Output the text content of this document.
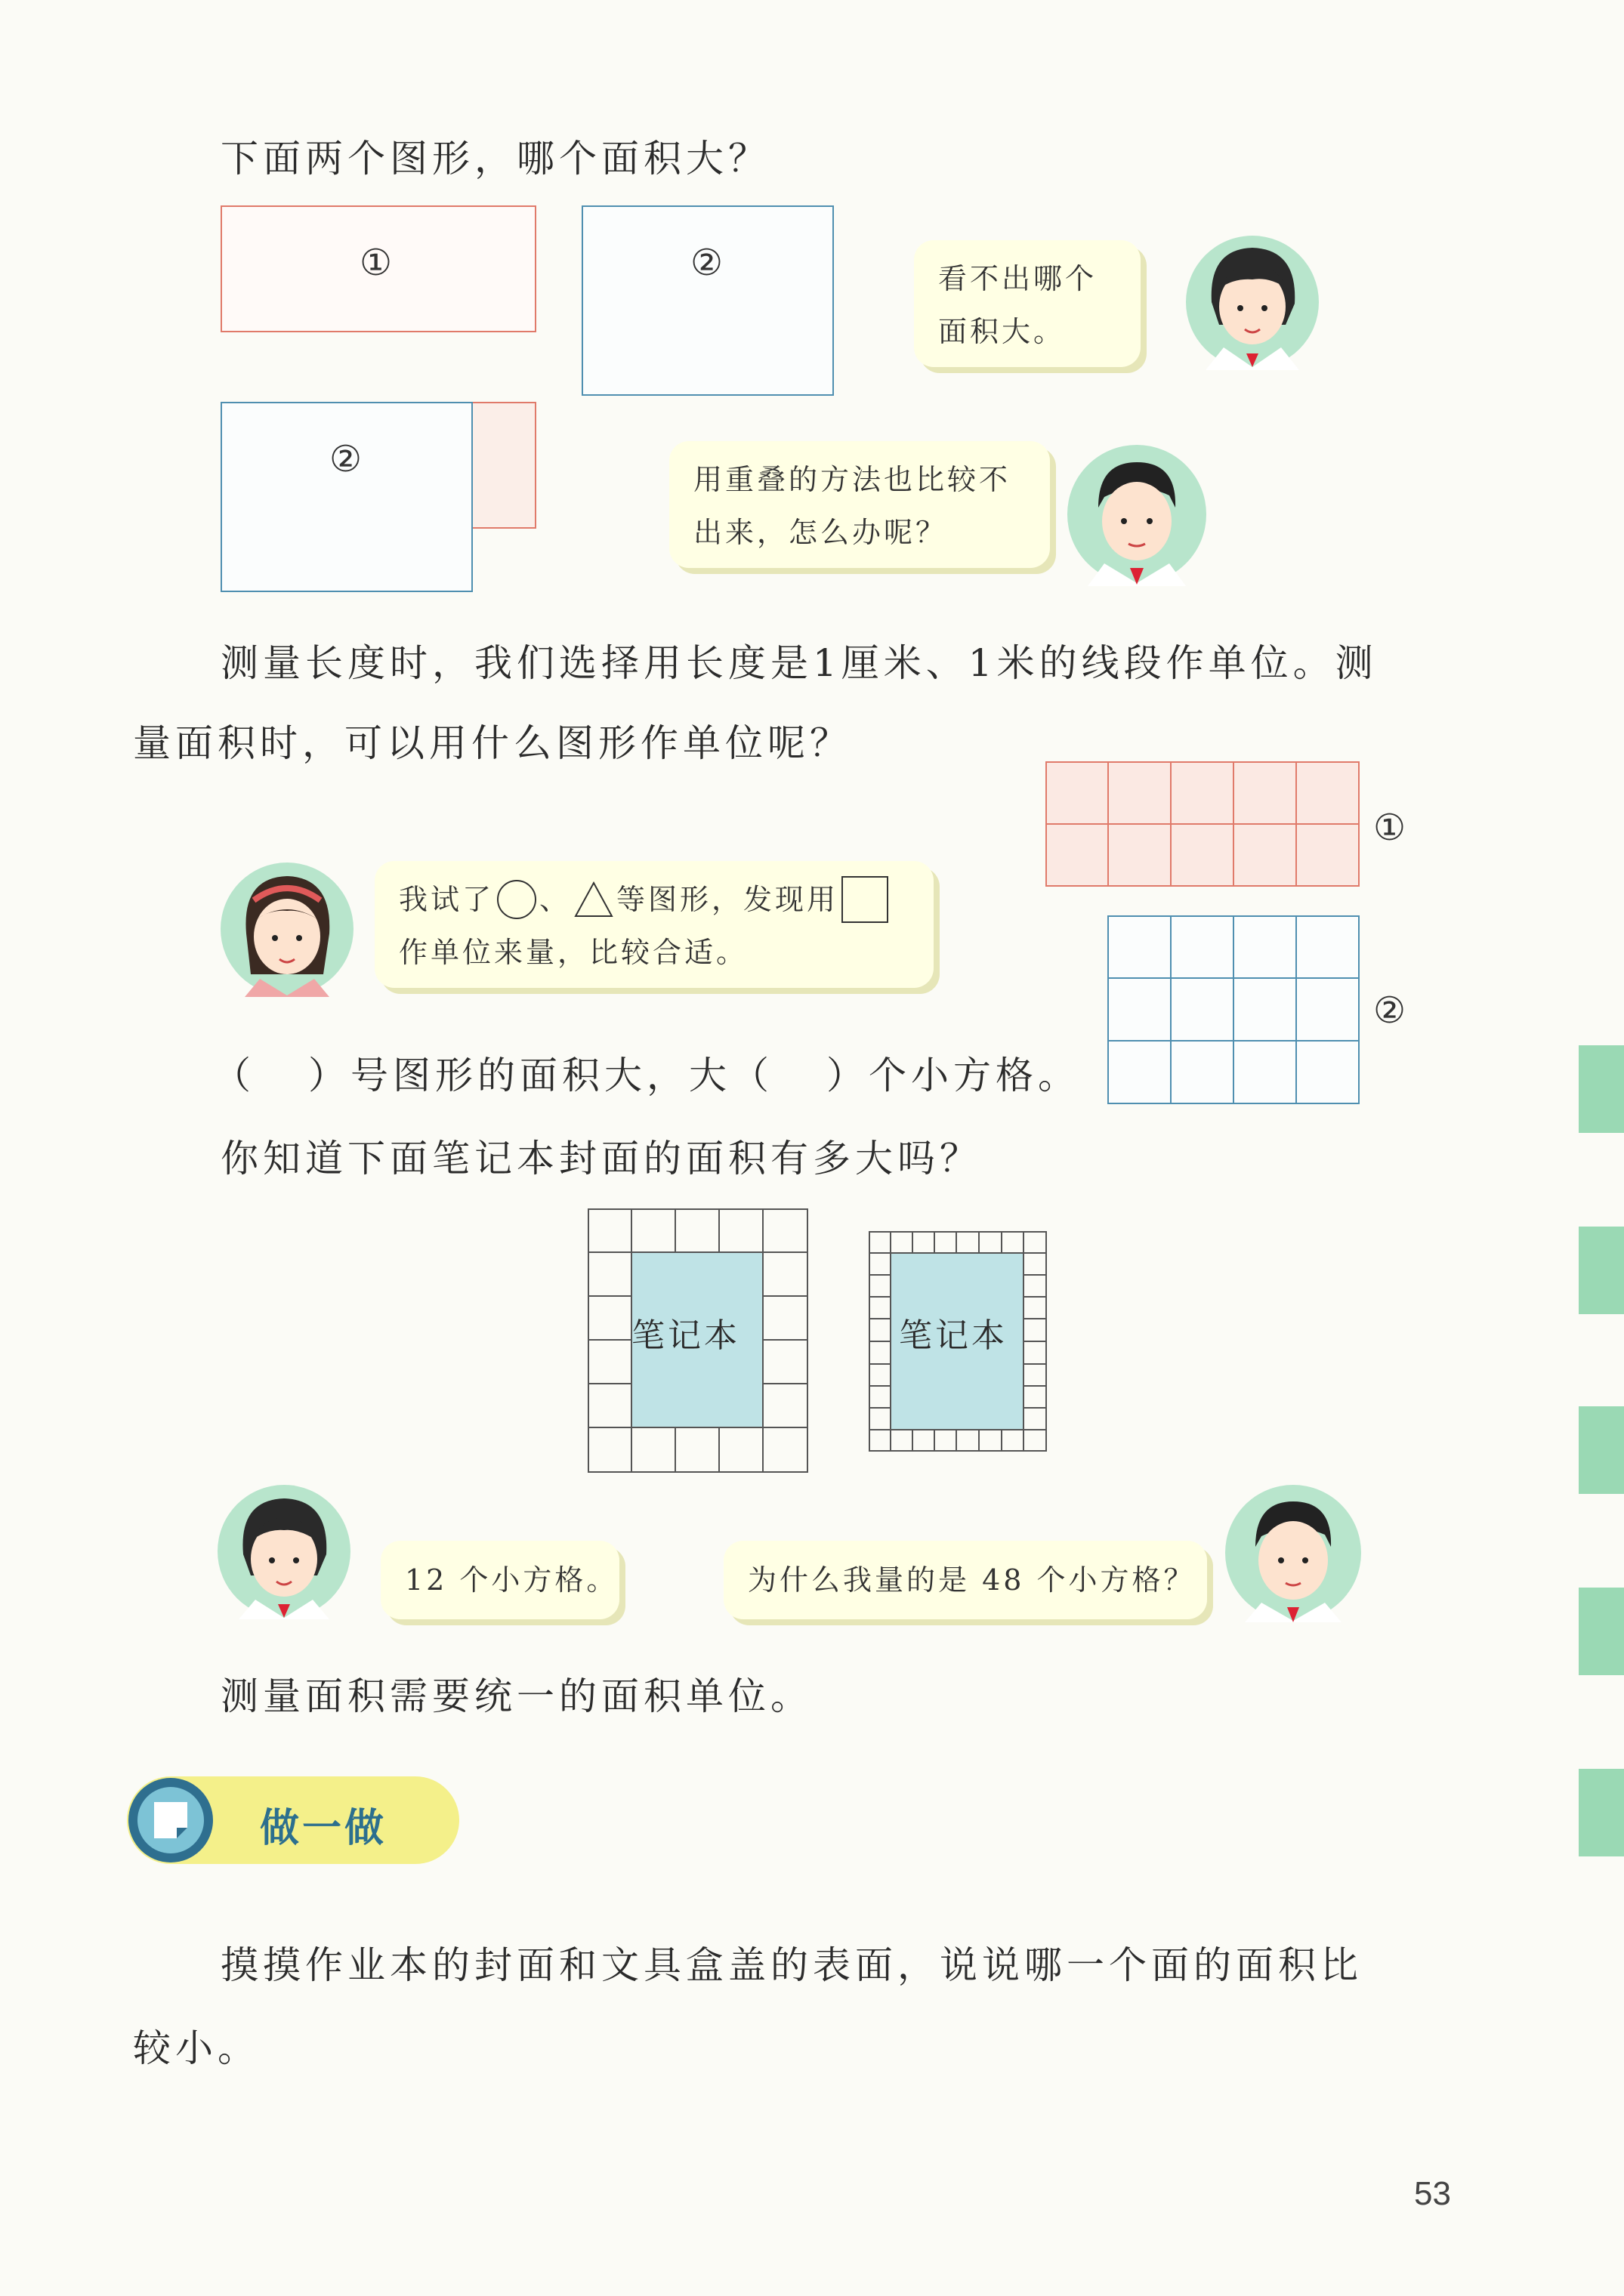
下面两个图形，哪个面积大？
①	②
②
看不出哪个
面积大。
用重叠的方法也比较不
出来，怎么办呢？
测量长度时，我们选择用长度是1厘米、1米的线段作单位。测
量面积时，可以用什么图形作单位呢？
①
②
我试了 、 等图形，发现用
作单位来量，比较合适。
（ ）号图形的面积大，大（ ）个小方格。
你知道下面笔记本封面的面积有多大吗？
笔记本	笔记本
12 个小方格。	为什么我量的是 48 个小方格？
测量面积需要统一的面积单位。
做一做
摸摸作业本的封面和文具盒盖的表面，说说哪一个面的面积比
较小。
53
